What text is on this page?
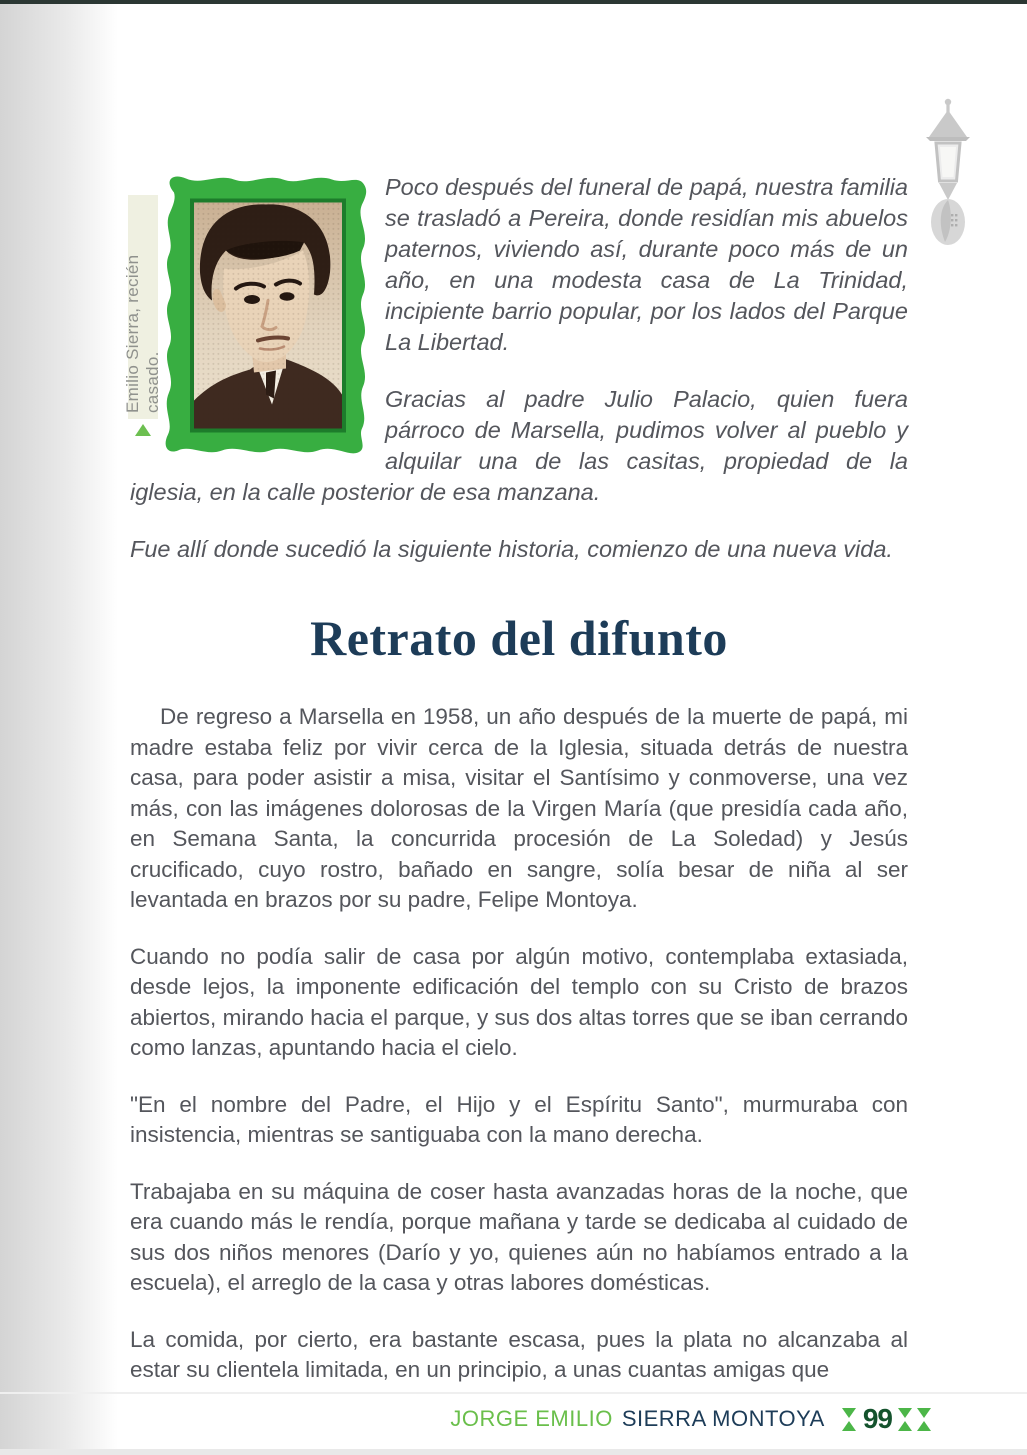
Emilio Sierra, recién casado.

Poco después del funeral de papá, nuestra familia se trasladó a Pereira, donde residían mis abuelos paternos, viviendo así, durante poco más de un año, en una modesta casa de La Trinidad, incipiente barrio popular, por los lados del Parque La Libertad.

Gracias al padre Julio Palacio, quien fuera párroco de Marsella, pudimos volver al pueblo y alquilar una de las casitas, propiedad de la iglesia, en la calle posterior de esa manzana.

Fue allí donde sucedió la siguiente historia, comienzo de una nueva vida.

Retrato del difunto

De regreso a Marsella en 1958, un año después de la muerte de papá, mi madre estaba feliz por vivir cerca de la Iglesia, situada detrás de nuestra casa, para poder asistir a misa, visitar el Santísimo y conmoverse, una vez más, con las imágenes dolorosas de la Virgen María (que presidía cada año, en Semana Santa, la concurrida procesión de La Soledad) y Jesús crucificado, cuyo rostro, bañado en sangre, solía besar de niña al ser levantada en brazos por su padre, Felipe Montoya.

Cuando no podía salir de casa por algún motivo, contemplaba extasiada, desde lejos, la imponente edificación del templo con su Cristo de brazos abiertos, mirando hacia el parque, y sus dos altas torres que se iban cerrando como lanzas, apuntando hacia el cielo.

"En el nombre del Padre, el Hijo y el Espíritu Santo", murmuraba con insistencia, mientras se santiguaba con la mano derecha.

Trabajaba en su máquina de coser hasta avanzadas horas de la noche, que era cuando más le rendía, porque mañana y tarde se dedicaba al cuidado de sus dos niños menores (Darío y yo, quienes aún no habíamos entrado a la escuela), el arreglo de la casa y otras labores domésticas.

La comida, por cierto, era bastante escasa, pues la plata no alcanzaba al estar su clientela limitada, en un principio, a unas cuantas amigas que

JORGE EMILIO SIERRA MONTOYA 99
